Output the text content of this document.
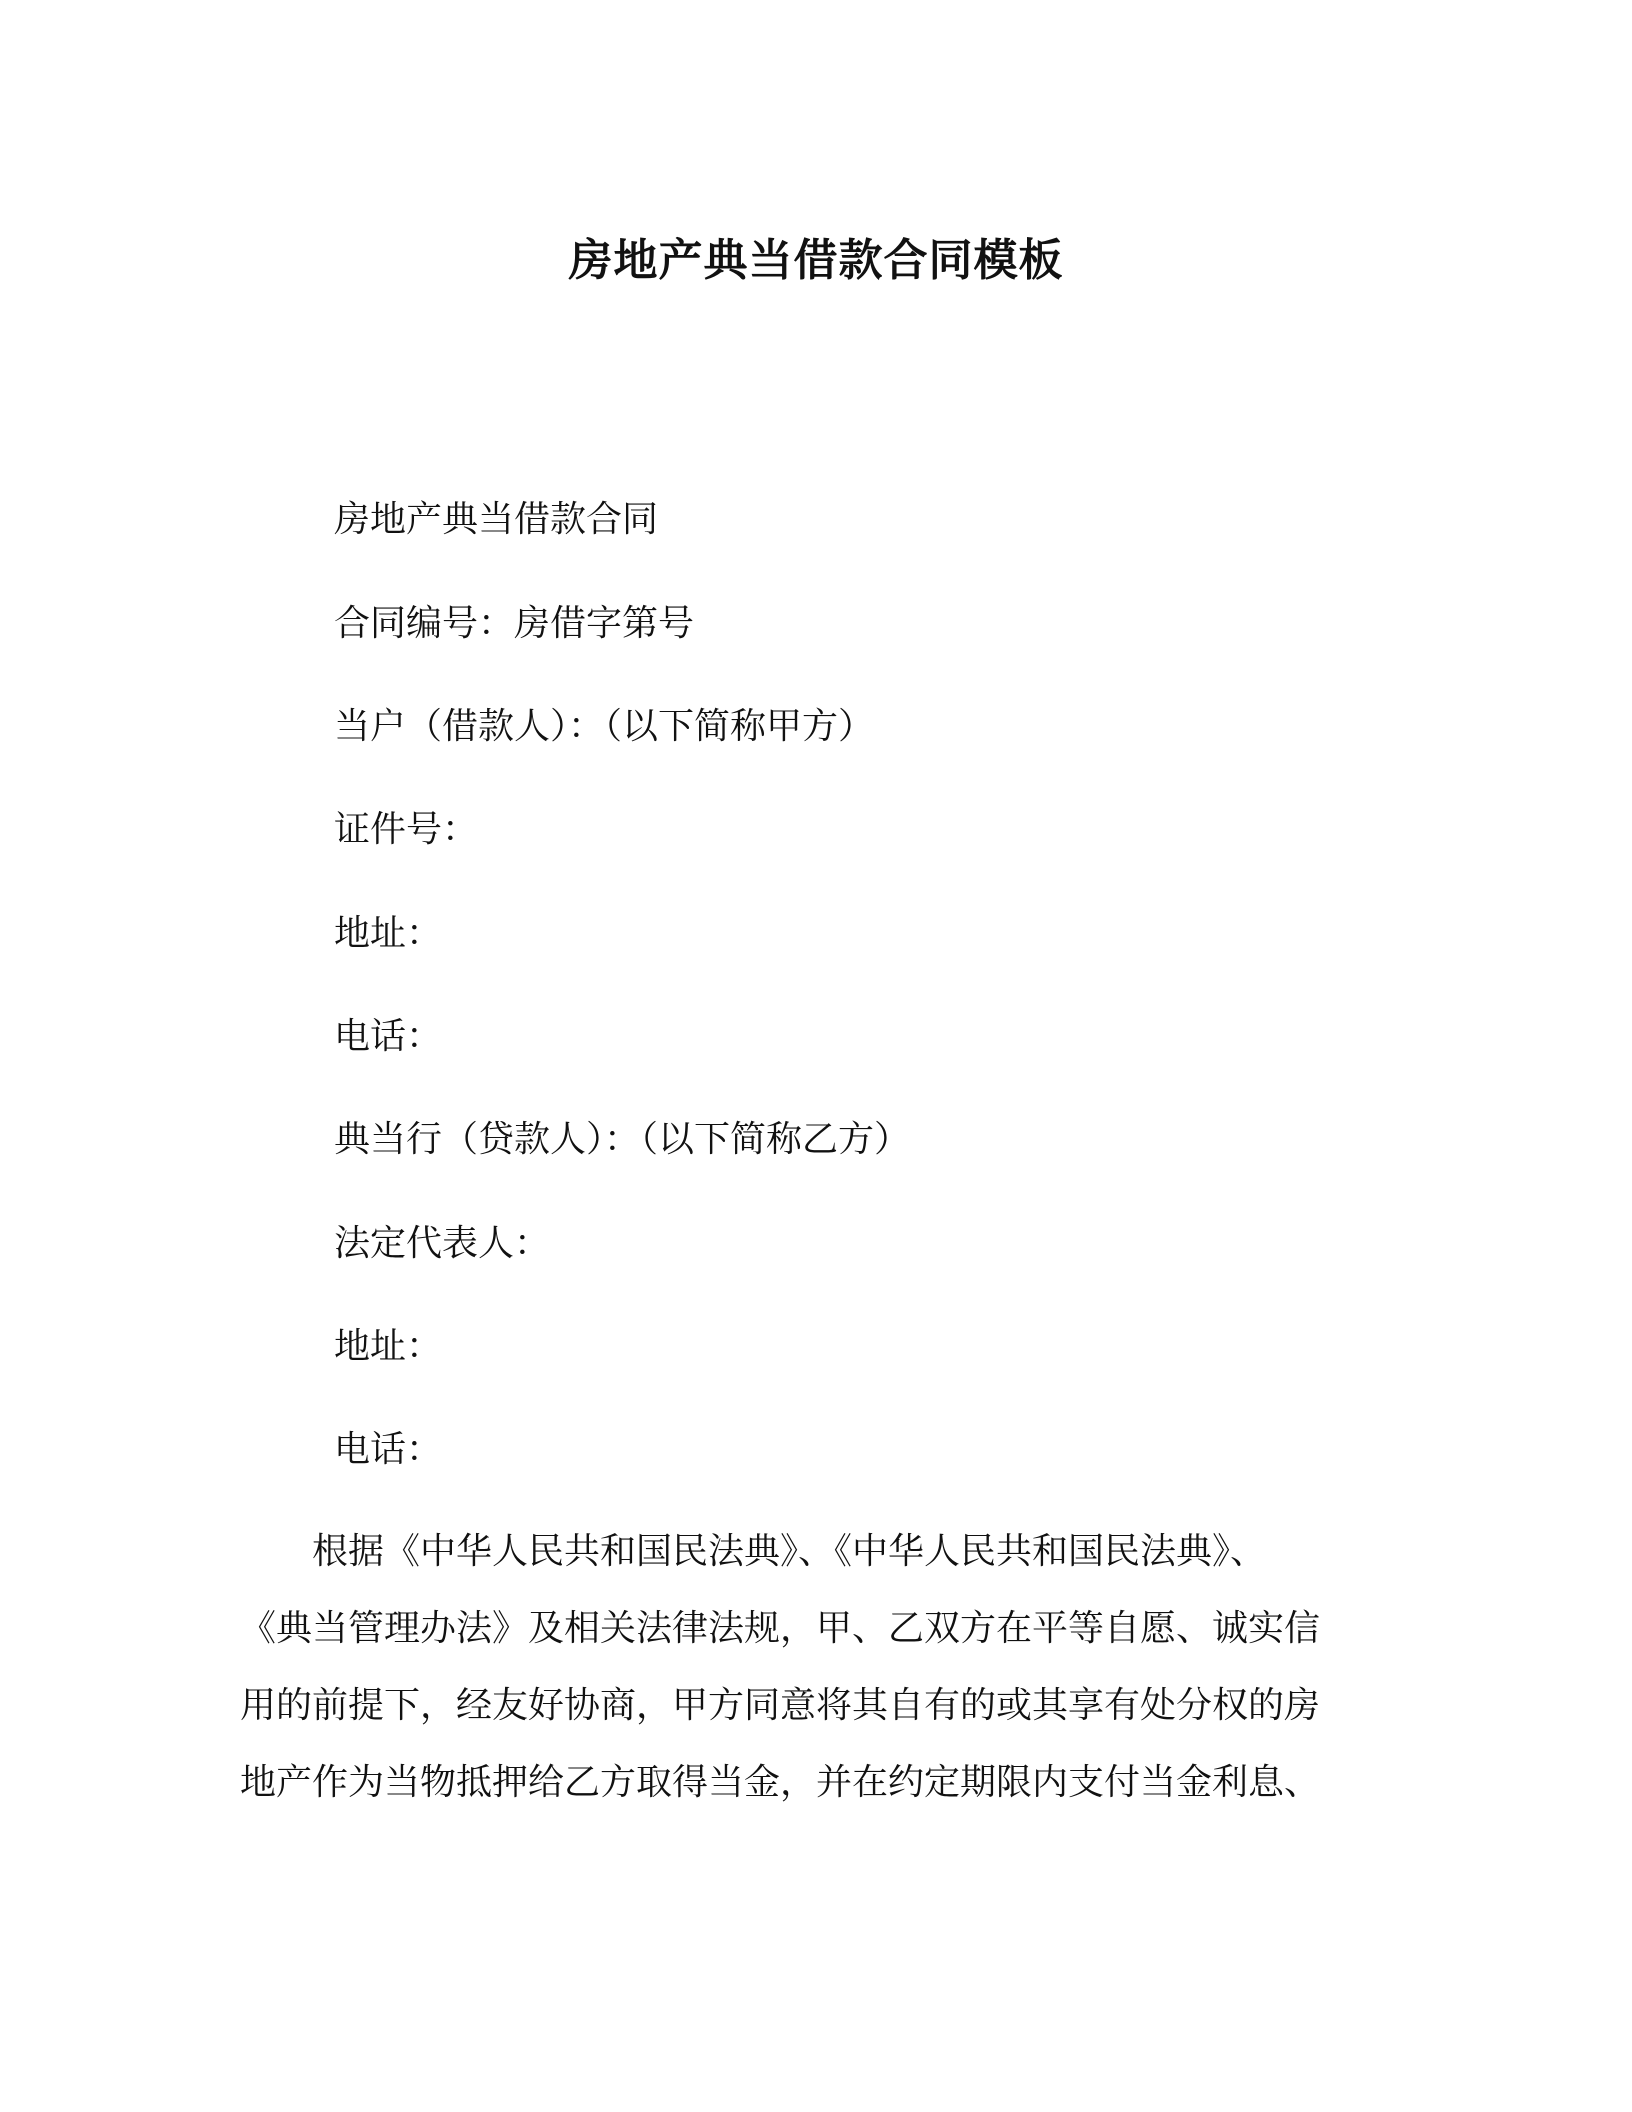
房地产典当借款合同模板
房地产典当借款合同
合同编号：房借字第号
当户（借款人）：（以下简称甲方）
证件号：
地址：
电话：
典当行（贷款人）：（以下简称乙方）
法定代表人：
地址：
电话：
　　根据《中华人民共和国民法典》、《中华人民共和国民法典》、
《典当管理办法》及相关法律法规，甲、乙双方在平等自愿、诚实信
用的前提下，经友好协商，甲方同意将其自有的或其享有处分权的房
地产作为当物抵押给乙方取得当金，并在约定期限内支付当金利息、
